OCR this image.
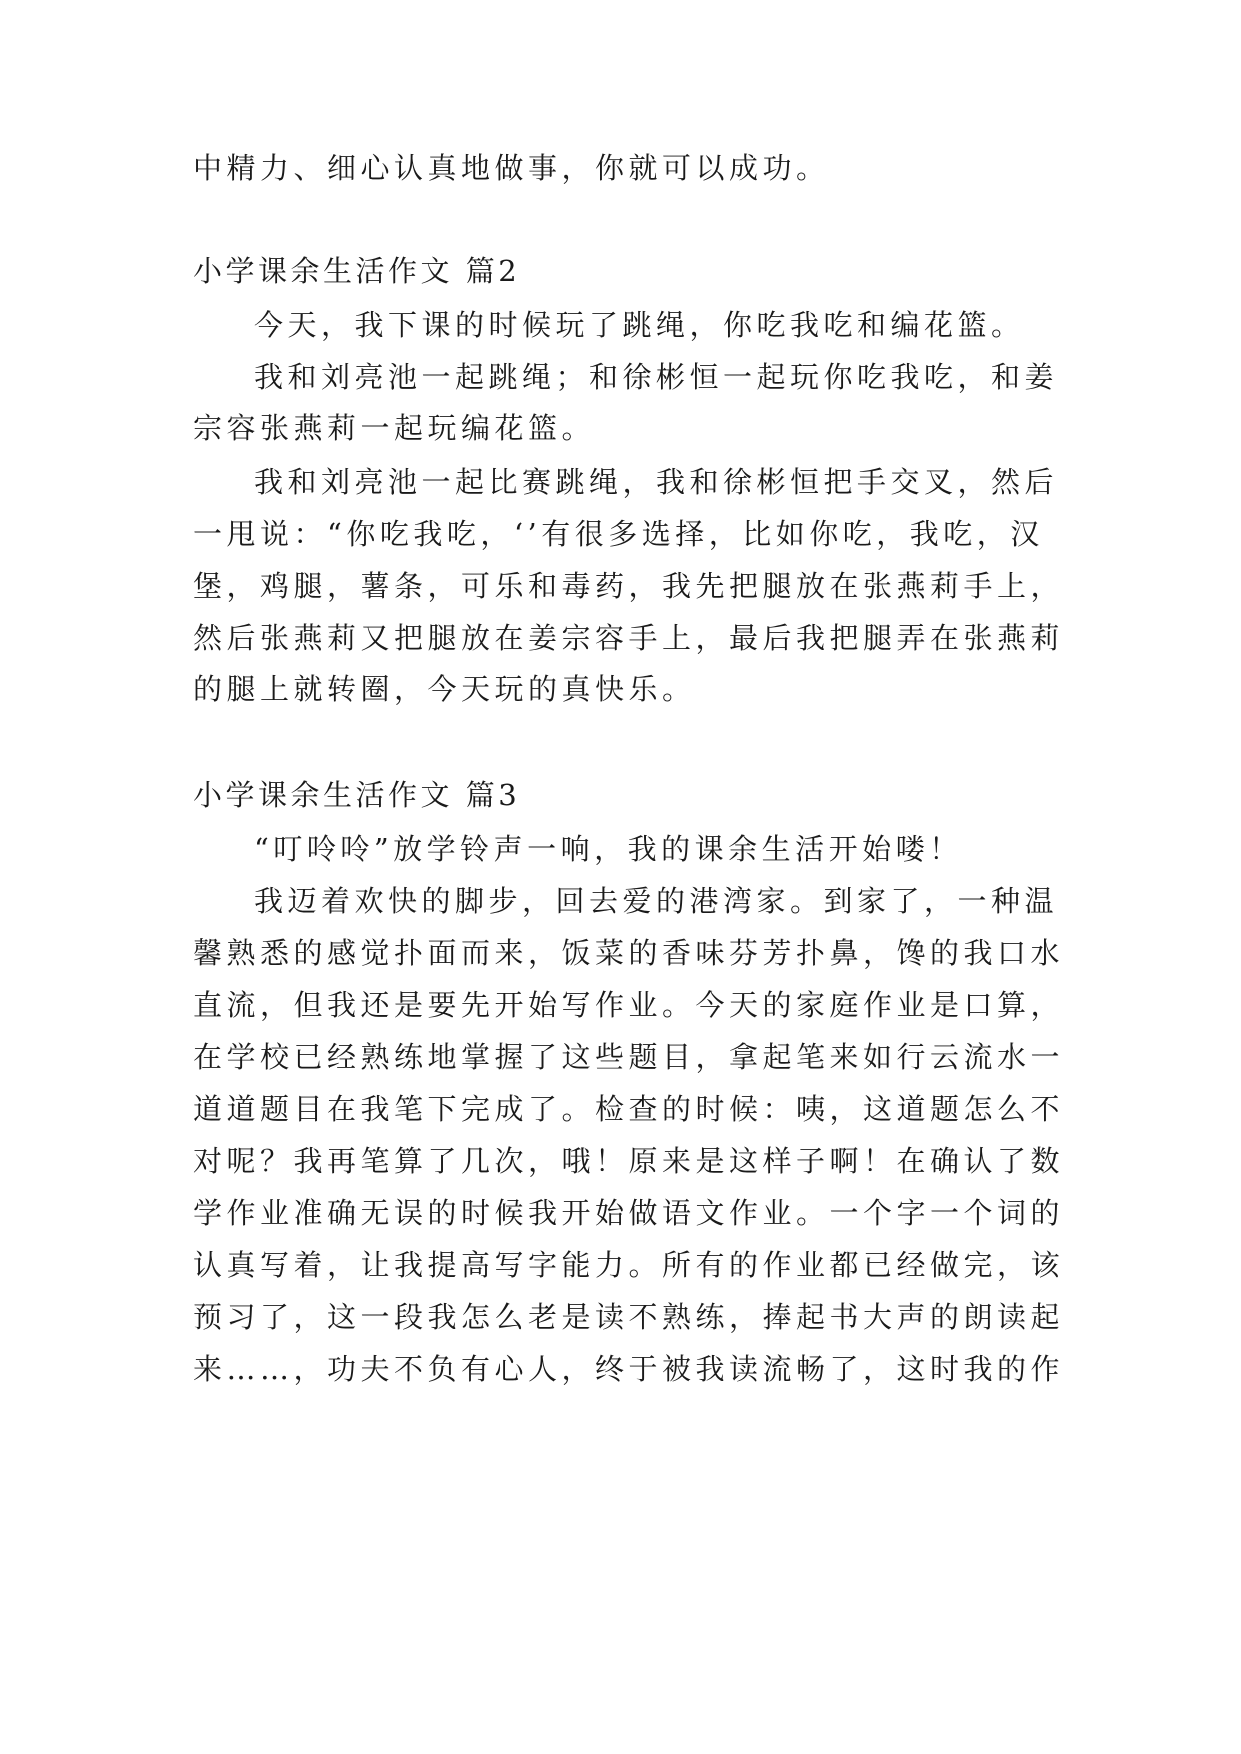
中精力、细心认真地做事，你就可以成功。

小学课余生活作文 篇2

今天，我下课的时候玩了跳绳，你吃我吃和编花篮。

我和刘亮池一起跳绳；和徐彬恒一起玩你吃我吃，和姜

宗容张燕莉一起玩编花篮。

我和刘亮池一起比赛跳绳，我和徐彬恒把手交叉，然后

一甩说：“你吃我吃，‘’有很多选择，比如你吃，我吃，汉

堡，鸡腿，薯条，可乐和毒药，我先把腿放在张燕莉手上，

然后张燕莉又把腿放在姜宗容手上，最后我把腿弄在张燕莉

的腿上就转圈，今天玩的真快乐。

小学课余生活作文 篇3

“叮呤呤”放学铃声一响，我的课余生活开始喽！

我迈着欢快的脚步，回去爱的港湾家。到家了，一种温

馨熟悉的感觉扑面而来，饭菜的香味芬芳扑鼻，馋的我口水

直流，但我还是要先开始写作业。今天的家庭作业是口算，

在学校已经熟练地掌握了这些题目，拿起笔来如行云流水一

道道题目在我笔下完成了。检查的时候：咦，这道题怎么不

对呢？我再笔算了几次，哦！原来是这样子啊！在确认了数

学作业准确无误的时候我开始做语文作业。一个字一个词的

认真写着，让我提高写字能力。所有的作业都已经做完，该

预习了，这一段我怎么老是读不熟练，捧起书大声的朗读起

来……，功夫不负有心人，终于被我读流畅了，这时我的作
